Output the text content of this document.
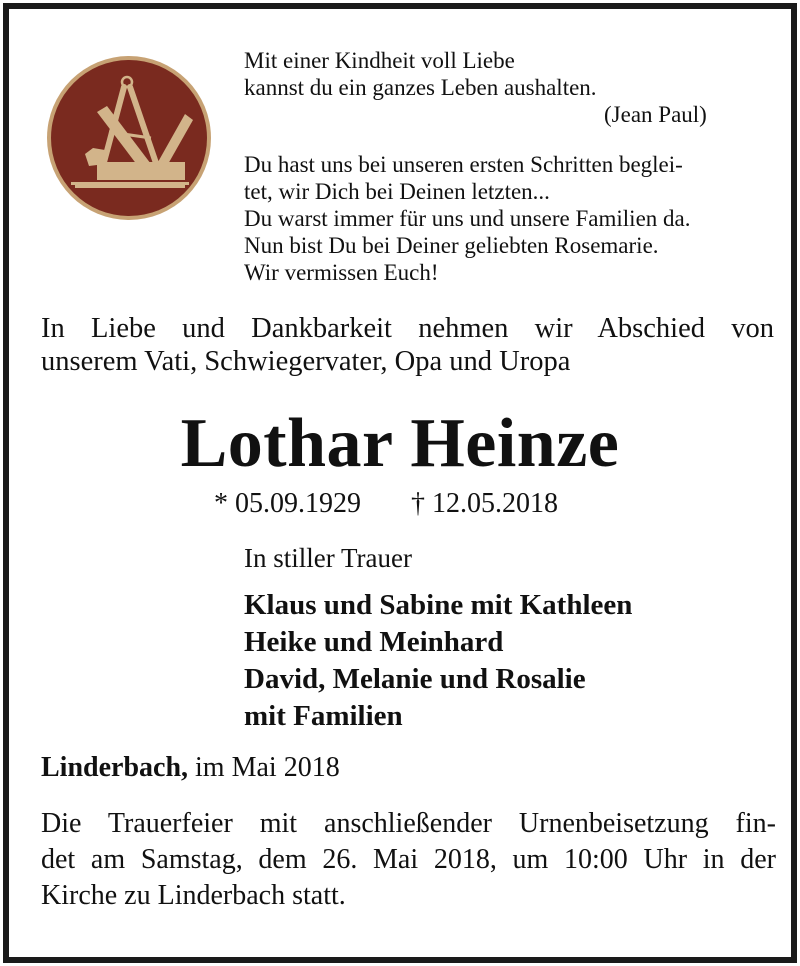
Mit einer Kindheit voll Liebe
kannst du ein ganzes Leben aushalten.
(Jean Paul)
Du hast uns bei unseren ersten Schritten beglei-
tet, wir Dich bei Deinen letzten...
Du warst immer für uns und unsere Familien da.
Nun bist Du bei Deiner geliebten Rosemarie.
Wir vermissen Euch!
In Liebe und Dankbarkeit nehmen wir Abschied von
unserem Vati, Schwiegervater, Opa und Uropa
Lothar Heinze
* 05.09.1929 † 12.05.2018
In stiller Trauer
Klaus und Sabine mit Kathleen
Heike und Meinhard
David, Melanie und Rosalie
mit Familien
Linderbach, im Mai 2018
Die Trauerfeier mit anschließender Urnenbeisetzung fin-
det am Samstag, dem 26. Mai 2018, um 10:00 Uhr in der
Kirche zu Linderbach statt.
